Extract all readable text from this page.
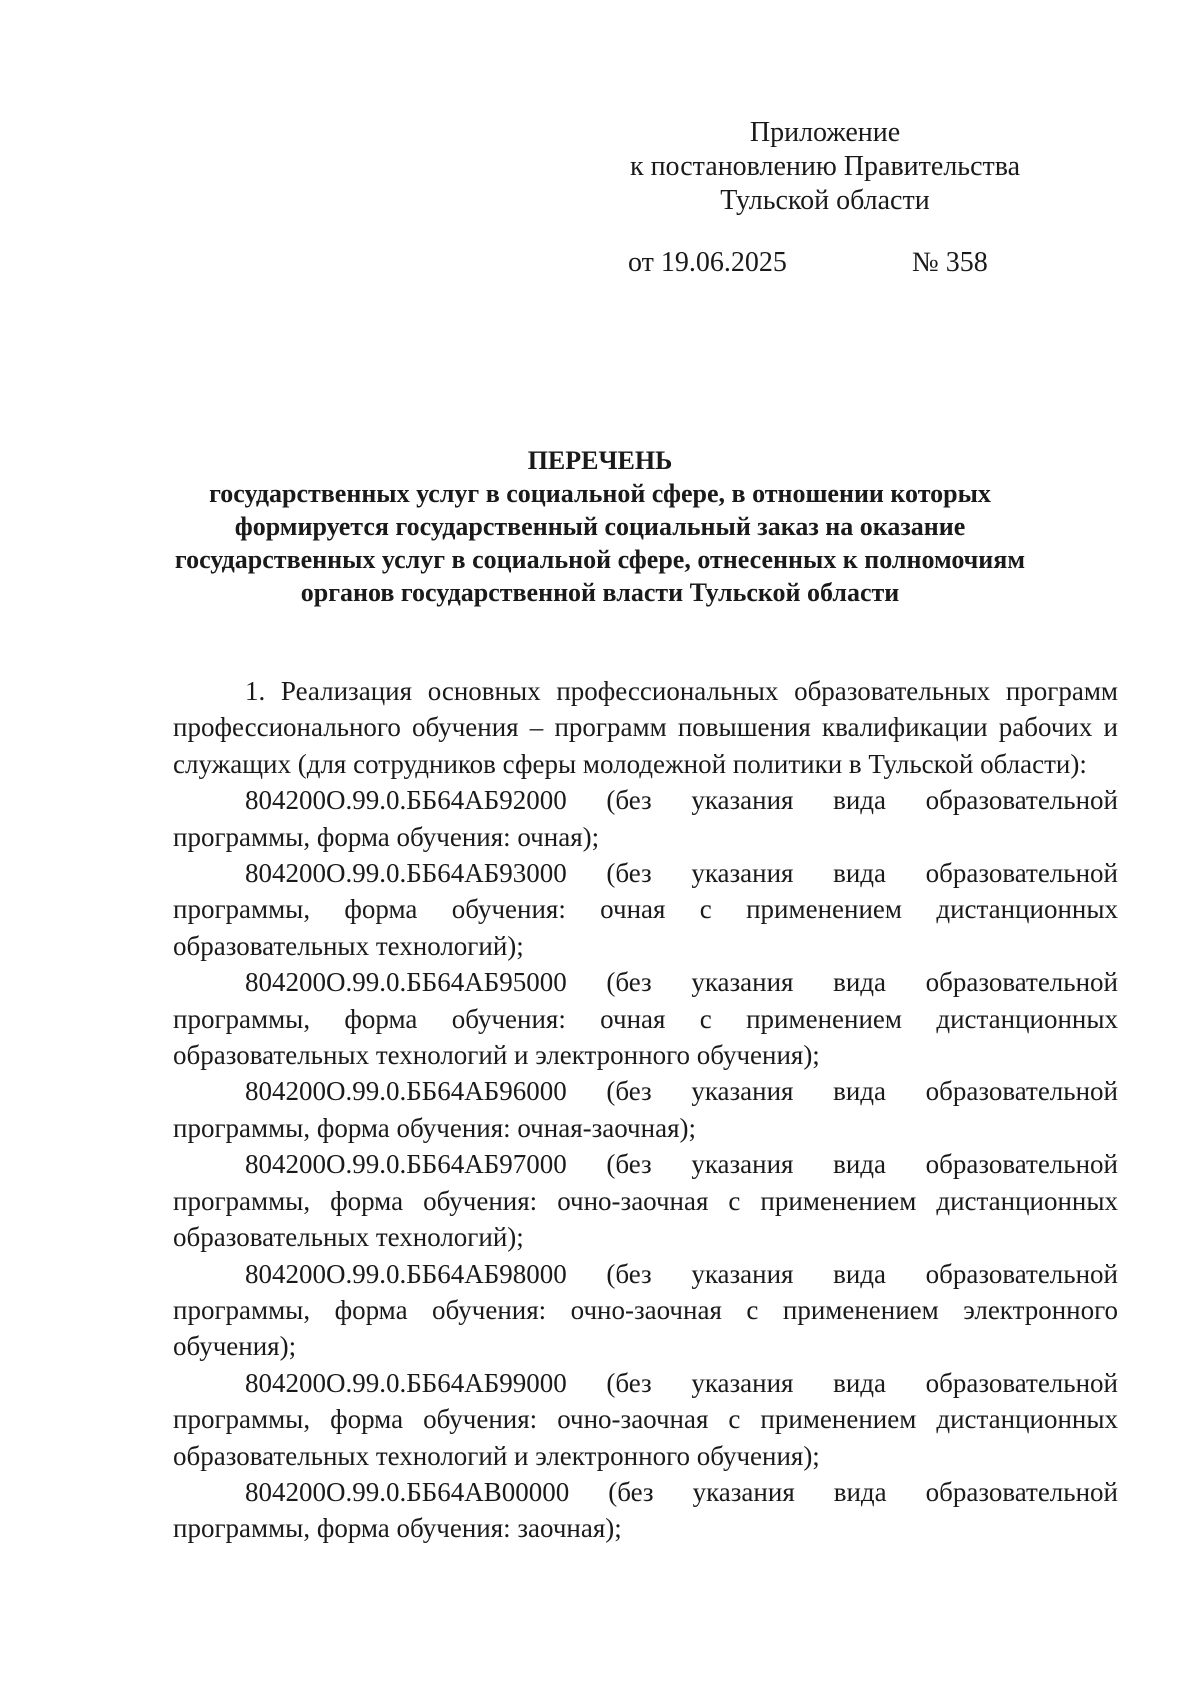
Приложение
к постановлению Правительства
Тульской области
от 19.06.2025	№ 358
ПЕРЕЧЕНЬ
государственных услуг в социальной сфере, в отношении которых
формируется государственный социальный заказ на оказание
государственных услуг в социальной сфере, отнесенных к полномочиям
органов государственной власти Тульской области

1. Реализация основных профессиональных образовательных программ профессионального обучения – программ повышения квалификации рабочих и служащих (для сотрудников сферы молодежной политики в Тульской области):

804200О.99.0.ББ64АБ92000 (без указания вида образовательной программы, форма обучения: очная);

804200О.99.0.ББ64АБ93000 (без указания вида образовательной программы, форма обучения: очная с применением дистанционных образовательных технологий);

804200О.99.0.ББ64АБ95000 (без указания вида образовательной программы, форма обучения: очная с применением дистанционных образовательных технологий и электронного обучения);

804200О.99.0.ББ64АБ96000 (без указания вида образовательной программы, форма обучения: очная-заочная);

804200О.99.0.ББ64АБ97000 (без указания вида образовательной программы, форма обучения: очно-заочная с применением дистанционных образовательных технологий);

804200О.99.0.ББ64АБ98000 (без указания вида образовательной программы, форма обучения: очно-заочная с применением электронного обучения);

804200О.99.0.ББ64АБ99000 (без указания вида образовательной программы, форма обучения: очно-заочная с применением дистанционных образовательных технологий и электронного обучения);

804200О.99.0.ББ64АВ00000 (без указания вида образовательной программы, форма обучения: заочная);
